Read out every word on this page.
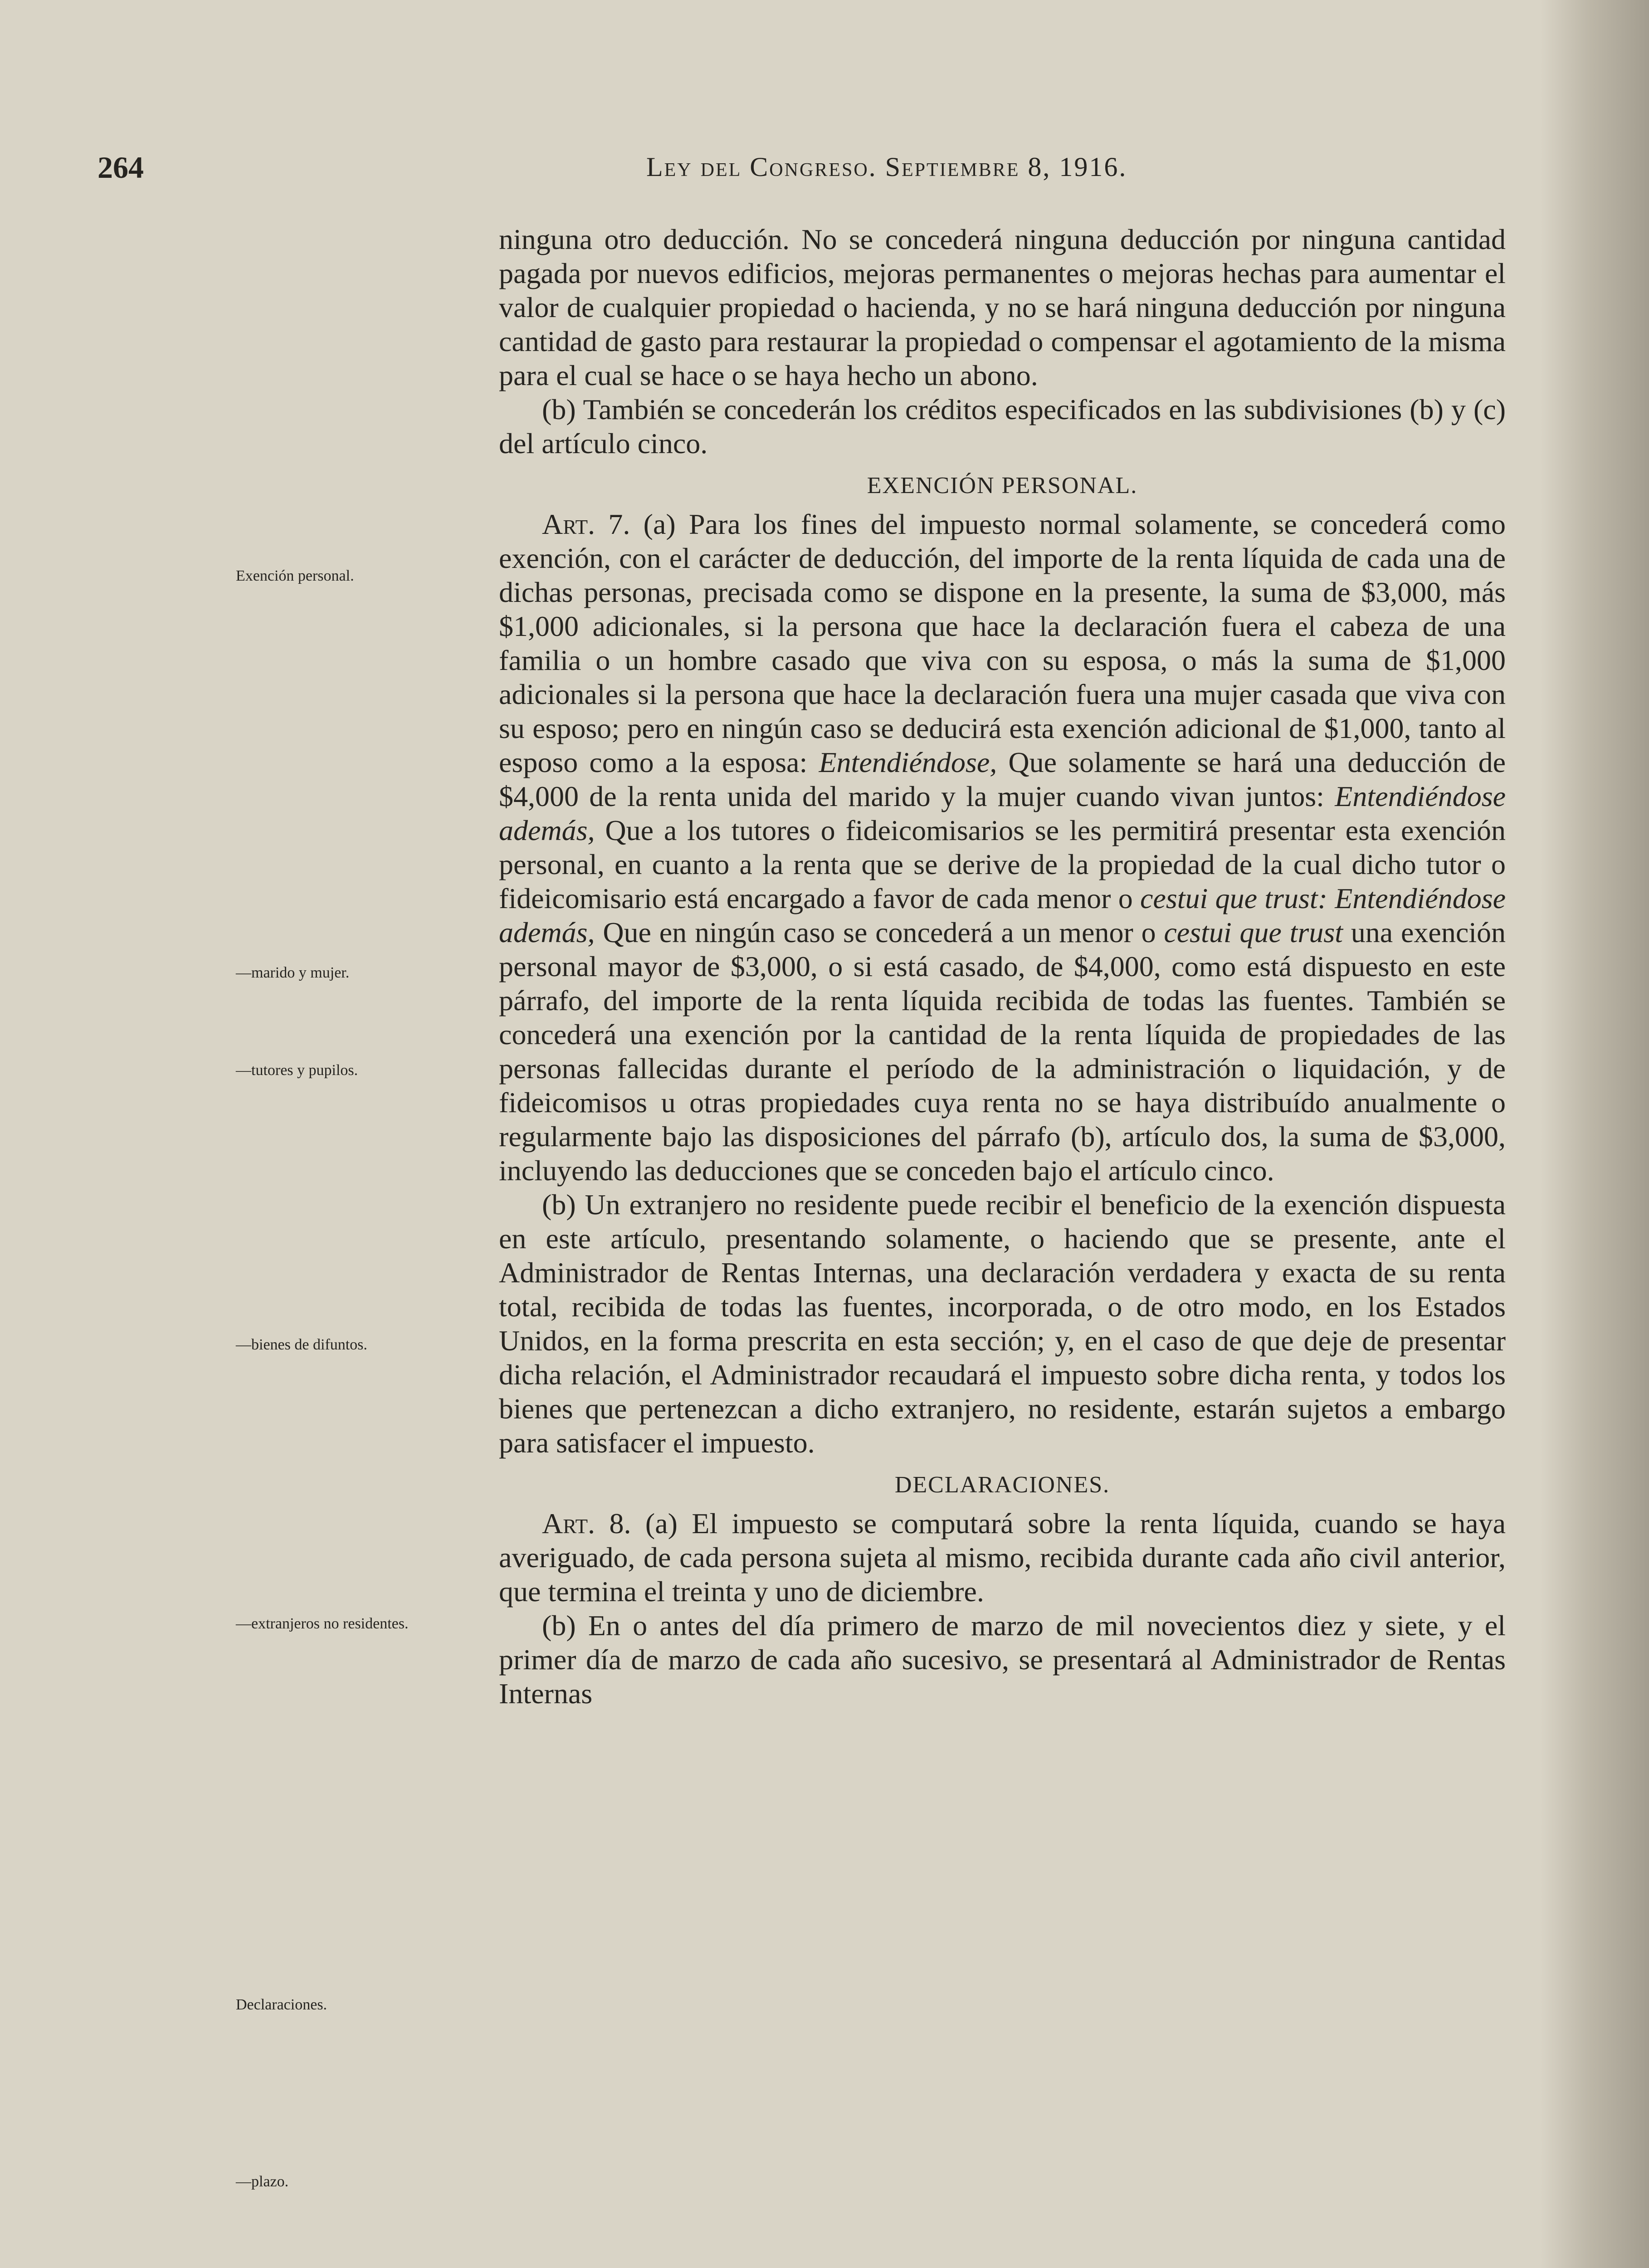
264	Ley del Congreso. Septiembre 8, 1916.
Exención personal.
—marido y mujer.
—tutores y pupilos.
—bienes de difuntos.
—extranjeros no residentes.
Declaraciones.
—plazo.

ninguna otro deducción. No se concederá ninguna deducción por ninguna cantidad pagada por nuevos edificios, mejoras permanentes o mejoras hechas para aumentar el valor de cualquier propiedad o hacienda, y no se hará ninguna deducción por ninguna cantidad de gasto para restaurar la propiedad o compensar el agotamiento de la misma para el cual se hace o se haya hecho un abono.

(b) También se concederán los créditos especificados en las subdivisiones (b) y (c) del artículo cinco.

EXENCIÓN PERSONAL.

Art. 7. (a) Para los fines del impuesto normal solamente, se concederá como exención, con el carácter de deducción, del importe de la renta líquida de cada una de dichas personas, precisada como se dispone en la presente, la suma de $3,000, más $1,000 adicionales, si la persona que hace la declaración fuera el cabeza de una familia o un hombre casado que viva con su esposa, o más la suma de $1,000 adicionales si la persona que hace la declaración fuera una mujer casada que viva con su esposo; pero en ningún caso se deducirá esta exención adicional de $1,000, tanto al esposo como a la esposa: Entendiéndose, Que solamente se hará una deducción de $4,000 de la renta unida del marido y la mujer cuando vivan juntos: Entendiéndose además, Que a los tutores o fideicomisarios se les permitirá presentar esta exención personal, en cuanto a la renta que se derive de la propiedad de la cual dicho tutor o fideicomisario está encargado a favor de cada menor o cestui que trust: Entendiéndose además, Que en ningún caso se concederá a un menor o cestui que trust una exención personal mayor de $3,000, o si está casado, de $4,000, como está dispuesto en este párrafo, del importe de la renta líquida recibida de todas las fuentes. También se concederá una exención por la cantidad de la renta líquida de propiedades de las personas fallecidas durante el período de la administración o liquidación, y de fideicomisos u otras propiedades cuya renta no se haya distribuído anualmente o regularmente bajo las disposiciones del párrafo (b), artículo dos, la suma de $3,000, incluyendo las deducciones que se conceden bajo el artículo cinco.

(b) Un extranjero no residente puede recibir el beneficio de la exención dispuesta en este artículo, presentando solamente, o haciendo que se presente, ante el Administrador de Rentas Internas, una declaración verdadera y exacta de su renta total, recibida de todas las fuentes, incorporada, o de otro modo, en los Estados Unidos, en la forma prescrita en esta sección; y, en el caso de que deje de presentar dicha relación, el Administrador recaudará el impuesto sobre dicha renta, y todos los bienes que pertenezcan a dicho extranjero, no residente, estarán sujetos a embargo para satisfacer el impuesto.

DECLARACIONES.

Art. 8. (a) El impuesto se computará sobre la renta líquida, cuando se haya averiguado, de cada persona sujeta al mismo, recibida durante cada año civil anterior, que termina el treinta y uno de diciembre.

(b) En o antes del día primero de marzo de mil novecientos diez y siete, y el primer día de marzo de cada año sucesivo, se presentará al Administrador de Rentas Internas
